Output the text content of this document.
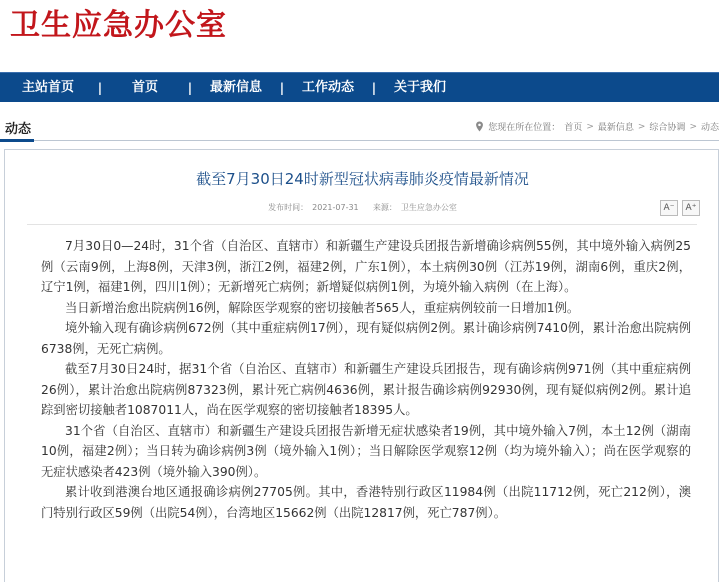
卫生应急办公室
主站首页	|	首页	|	最新信息	|	工作动态	|	关于我们
动态	您现在所在位置： 首页 > 最新信息 > 综合协调 > 动态
截至7月30日24时新型冠状病毒肺炎疫情最新情况
发布时间： 2021-07-31 来源： 卫生应急办公室	A⁻	A⁺

7月30日0—24时，31个省（自治区、直辖市）和新疆生产建设兵团报告新增确诊病例55例，其中境外输入病例25例（云南9例，上海8例，天津3例，浙江2例，福建2例，广东1例），本土病例30例（江苏19例，湖南6例，重庆2例，辽宁1例，福建1例，四川1例）；无新增死亡病例；新增疑似病例1例，为境外输入病例（在上海）。

当日新增治愈出院病例16例，解除医学观察的密切接触者565人，重症病例较前一日增加1例。

境外输入现有确诊病例672例（其中重症病例17例），现有疑似病例2例。累计确诊病例7410例，累计治愈出院病例6738例，无死亡病例。

截至7月30日24时，据31个省（自治区、直辖市）和新疆生产建设兵团报告，现有确诊病例971例（其中重症病例26例），累计治愈出院病例87323例，累计死亡病例4636例，累计报告确诊病例92930例，现有疑似病例2例。累计追踪到密切接触者1087011人，尚在医学观察的密切接触者18395人。

31个省（自治区、直辖市）和新疆生产建设兵团报告新增无症状感染者19例，其中境外输入7例，本土12例（湖南10例，福建2例）；当日转为确诊病例3例（境外输入1例）；当日解除医学观察12例（均为境外输入）；尚在医学观察的无症状感染者423例（境外输入390例）。

累计收到港澳台地区通报确诊病例27705例。其中，香港特别行政区11984例（出院11712例，死亡212例），澳门特别行政区59例（出院54例），台湾地区15662例（出院12817例，死亡787例）。
